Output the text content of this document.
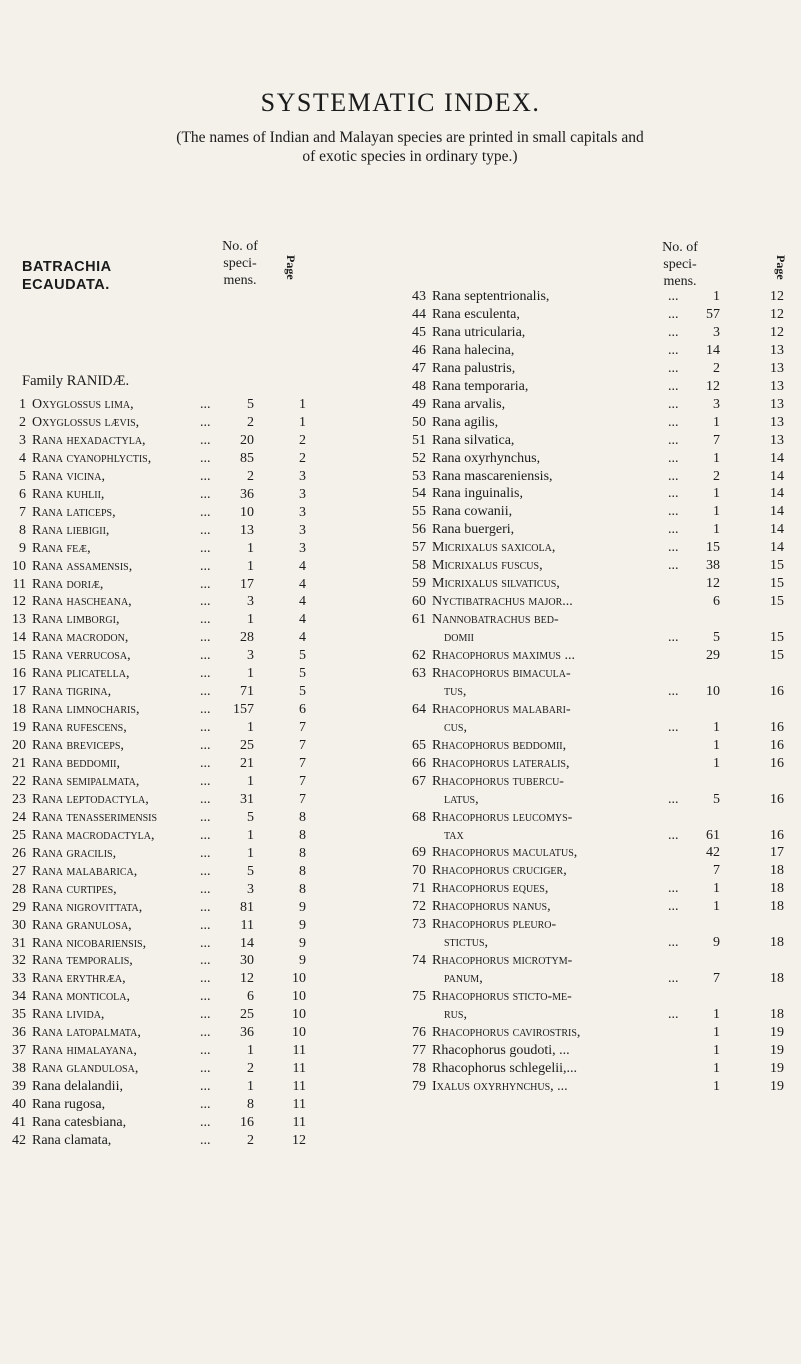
SYSTEMATIC INDEX.
(The names of Indian and Malayan species are printed in small capitals and
of exotic species in ordinary type.)
BATRACHIA
ECAUDATA.
No. of
speci-
mens.
Page
Family RANIDÆ.
No. of
speci-
mens.
Page
1 Oxyglossus lima,	...	5	1
2 Oxyglossus lævis,	...	2	1
3 Rana hexadactyla,	...	20	2
4 Rana cyanophlyctis,	...	85	2
5 Rana vicina,	...	2	3
6 Rana kuhlii,	...	36	3
7 Rana laticeps,	...	10	3
8 Rana liebigii,	...	13	3
9 Rana feæ,	...	1	3
10 Rana assamensis,	...	1	4
11 Rana doriæ,	...	17	4
12 Rana hascheana,	...	3	4
13 Rana limborgi,	...	1	4
14 Rana macrodon,	...	28	4
15 Rana verrucosa,	...	3	5
16 Rana plicatella,	...	1	5
17 Rana tigrina,	...	71	5
18 Rana limnocharis,	...	157	6
19 Rana rufescens,	...	1	7
20 Rana breviceps,	...	25	7
21 Rana beddomii,	...	21	7
22 Rana semipalmata,	...	1	7
23 Rana leptodactyla,	...	31	7
24 Rana tenasserimensis	...	5	8
25 Rana macrodactyla,	...	1	8
26 Rana gracilis,	...	1	8
27 Rana malabarica,	...	5	8
28 Rana curtipes,	...	3	8
29 Rana nigrovittata,	...	81	9
30 Rana granulosa,	...	11	9
31 Rana nicobariensis,	...	14	9
32 Rana temporalis,	...	30	9
33 Rana erythræa,	...	12	10
34 Rana monticola,	...	6	10
35 Rana livida,	...	25	10
36 Rana latopalmata,	...	36	10
37 Rana himalayana,	...	1	11
38 Rana glandulosa,	...	2	11
39 Rana delalandii,	...	1	11
40 Rana rugosa,	...	8	11
41 Rana catesbiana,	...	16	11
42 Rana clamata,	...	2	12
43 Rana septentrionalis,	...	1	12
44 Rana esculenta,	...	57	12
45 Rana utricularia,	...	3	12
46 Rana halecina,	...	14	13
47 Rana palustris,	...	2	13
48 Rana temporaria,	...	12	13
49 Rana arvalis,	...	3	13
50 Rana agilis,	...	1	13
51 Rana silvatica,	...	7	13
52 Rana oxyrhynchus,	...	1	14
53 Rana mascareniensis,	...	2	14
54 Rana inguinalis,	...	1	14
55 Rana cowanii,	...	1	14
56 Rana buergeri,	...	1	14
57 Micrixalus saxicola,	...	15	14
58 Micrixalus fuscus,	...	38	15
59 Micrixalus silvaticus,	12	15
60 Nyctibatrachus major...	6	15
61 Nannobatrachus bed-
domii	...	5	15
62 Rhacophorus maximus ...	29	15
63 Rhacophorus bimacula-
tus,	...	10	16
64 Rhacophorus malabari-
cus,	...	1	16
65 Rhacophorus beddomii,	1	16
66 Rhacophorus lateralis,	1	16
67 Rhacophorus tubercu-
latus,	...	5	16
68 Rhacophorus leucomys-
tax	...	61	16
69 Rhacophorus maculatus,	42	17
70 Rhacophorus cruciger,	7	18
71 Rhacophorus eques,	...	1	18
72 Rhacophorus nanus,	...	1	18
73 Rhacophorus pleuro-
stictus,	...	9	18
74 Rhacophorus microtym-
panum,	...	7	18
75 Rhacophorus sticto-me-
rus,	...	1	18
76 Rhacophorus cavirostris,	1	19
77 Rhacophorus goudoti, ...	1	19
78 Rhacophorus schlegelii,...	1	19
79 Ixalus oxyrhynchus, ...	1	19
